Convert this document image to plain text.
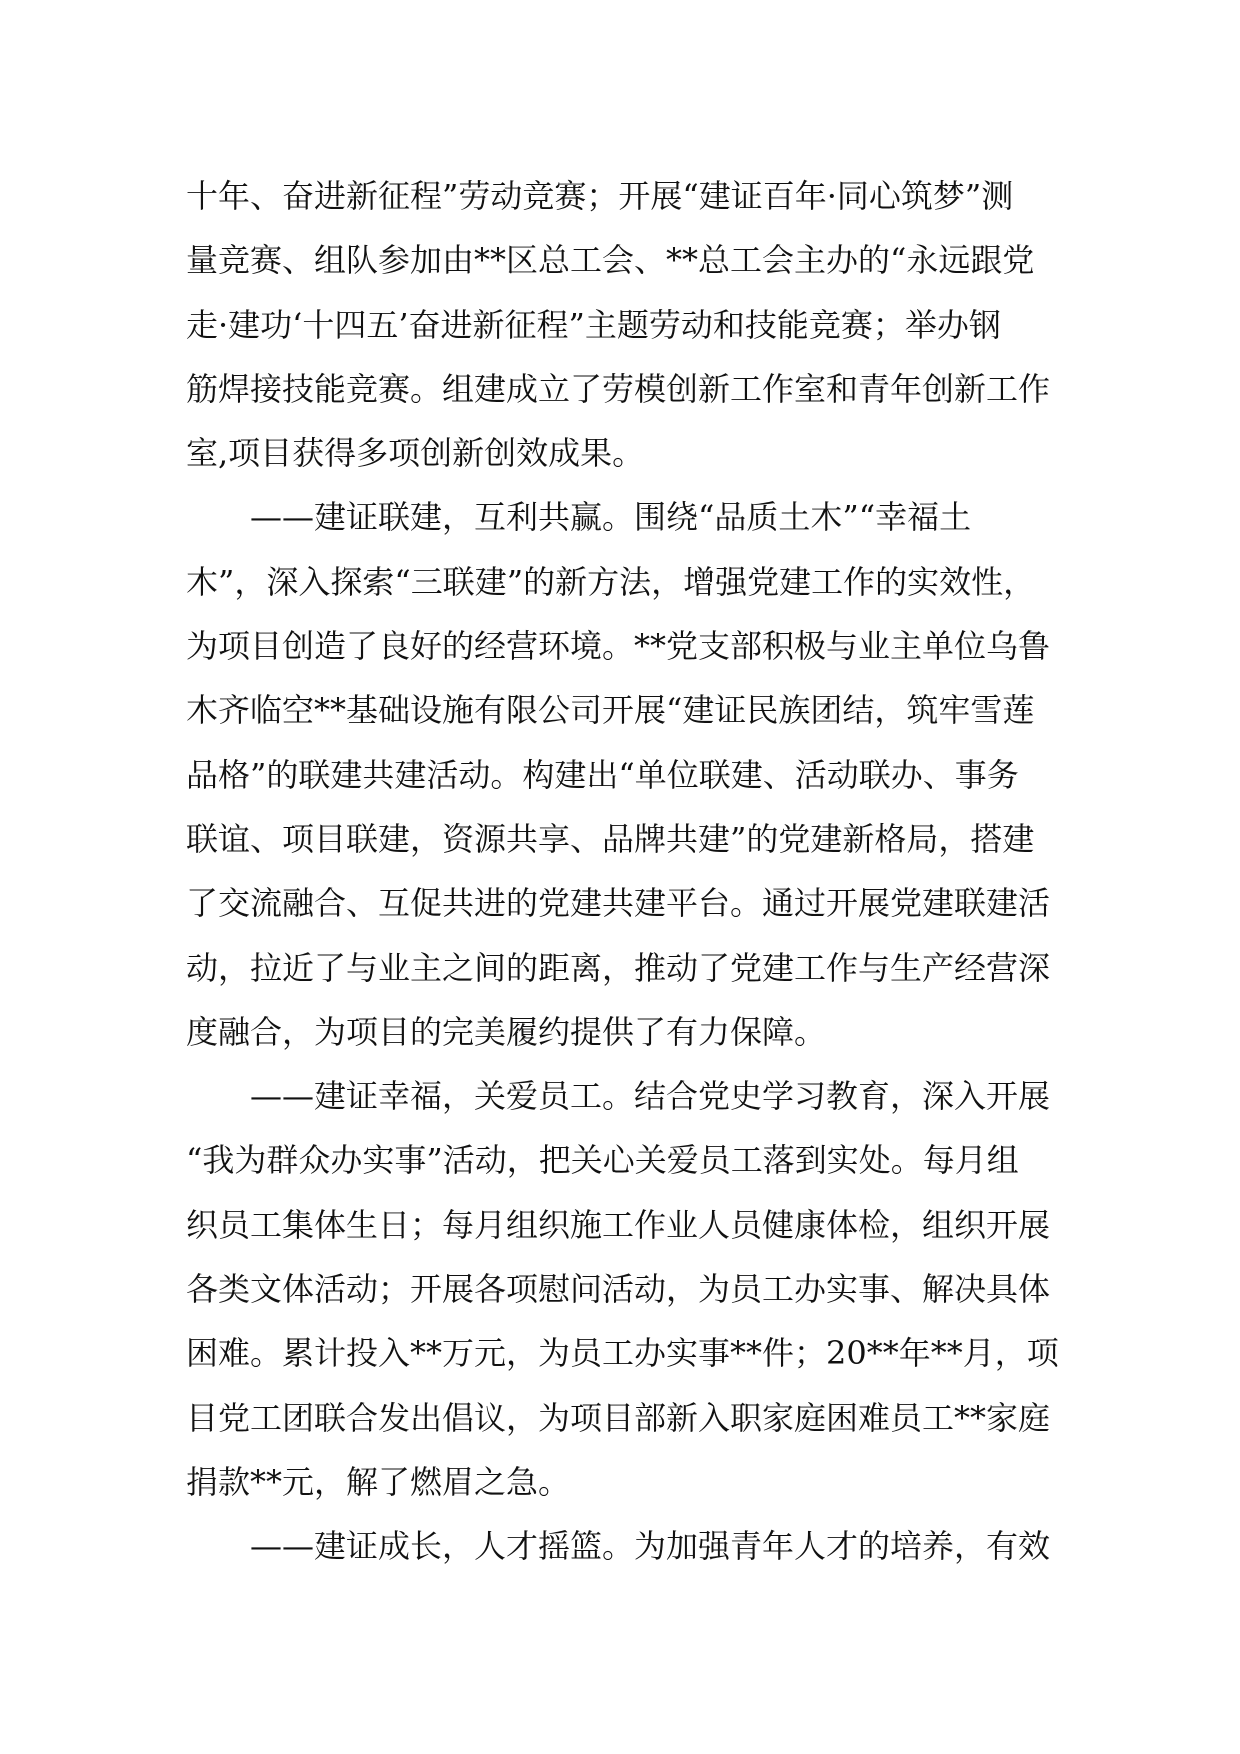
十年、奋进新征程”劳动竞赛；开展“建证百年·同心筑梦”测
量竞赛、组队参加由**区总工会、**总工会主办的“永远跟党
走·建功‘十四五’奋进新征程”主题劳动和技能竞赛；举办钢
筋焊接技能竞赛。组建成立了劳模创新工作室和青年创新工作
室,项目获得多项创新创效成果。
——建证联建，互利共赢。围绕“品质土木”“幸福土
木”，深入探索“三联建”的新方法，增强党建工作的实效性，
为项目创造了良好的经营环境。**党支部积极与业主单位乌鲁
木齐临空**基础设施有限公司开展“建证民族团结，筑牢雪莲
品格”的联建共建活动。构建出“单位联建、活动联办、事务
联谊、项目联建，资源共享、品牌共建”的党建新格局，搭建
了交流融合、互促共进的党建共建平台。通过开展党建联建活
动，拉近了与业主之间的距离，推动了党建工作与生产经营深
度融合，为项目的完美履约提供了有力保障。
——建证幸福，关爱员工。结合党史学习教育，深入开展
“我为群众办实事”活动，把关心关爱员工落到实处。每月组
织员工集体生日；每月组织施工作业人员健康体检，组织开展
各类文体活动；开展各项慰问活动，为员工办实事、解决具体
困难。累计投入**万元，为员工办实事**件；20**年**月，项
目党工团联合发出倡议，为项目部新入职家庭困难员工**家庭
捐款**元，解了燃眉之急。
——建证成长，人才摇篮。为加强青年人才的培养，有效
